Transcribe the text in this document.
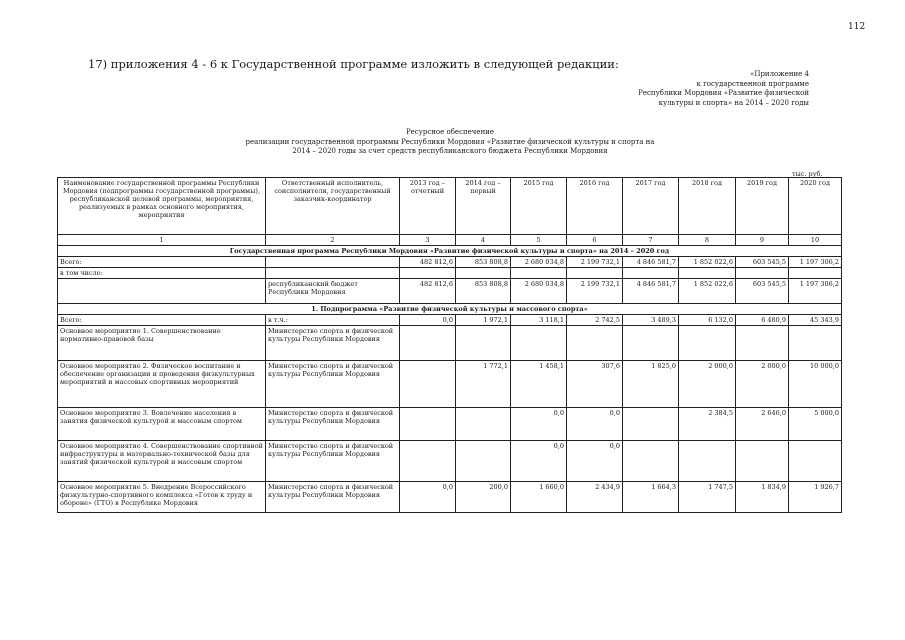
112
17) приложения 4 - 6 к Государственной программе изложить в следующей редакции:
«Приложение 4
к государственной программе
Республики Мордовия «Развитие физической
культуры и спорта» на 2014 – 2020 годы
Ресурсное обеспечение
реализации государственной программы Республики Мордовия «Развитие физической культуры и спорта на
2014 – 2020 годы за счет средств республиканского бюджета Республики Мордовия
тыс. руб.
Наименование государственной программы Республики Мордовия (подпрограммы государственной программы), республиканской целевой программы, мероприятия, реализуемых в рамках основного мероприятия, мероприятия	Ответственный исполнитель, соисполнители, государственный заказчик-координатор	2013 год – отчетный	2014 год – первый	2015 год	2016 год	2017 год	2018 год	2019 год	2020 год
1	2	3	4	5	6	7	8	9	10
Государственная программа Республики Мордовия «Развитие физической культуры и спорта» на 2014 – 2020 год									
Всего:		482 812,6	853 808,8	2 680 034,8	2 199 732,1	4 846 581,7	1 852 022,6	603 545,5	1 197 306,2
в том числе:									
	республиканский бюджет Республики Мордовия	482 812,6	853 808,8	2 680 034,8	2 199 732,1	4 846 581,7	1 852 022,6	603 545,5	1 197 306,2
1. Подпрограмма «Развитие физической культуры и массового спорта»									
Всего:	в т.ч.:	0,0	1 972,1	3 118,1	2 742,5	3 489,3	6 132,0	6 480,9	45 343,9
Основное мероприятие 1. Совершенствование нормативно-правовой базы	Министерство спорта и физической культуры Республики Мордовия								
Основное мероприятие 2. Физическое воспитание и обеспечение организации и проведения физкультурных мероприятий и массовых спортивных мероприятий	Министерство спорта и физической культуры Республики Мордовия		1 772,1	1 458,1	307,6	1 825,0	2 000,0	2 000,0	10 000,0
Основное мероприятие 3. Вовлечение населения в занятия физической культурой и массовым спортом	Министерство спорта и физической культуры Республики Мордовия			0,0	0,0		2 384,5	2 646,0	5 000,0
Основное мероприятие 4. Совершенствование спортивной инфраструктуры и материально-технической базы для занятий физической культурой и массовым спортом	Министерство спорта и физической культуры Республики Мордовия			0,0	0,0				
Основное мероприятие 5. Внедрение Всероссийского физкультурно-спортивного комплекса «Готов к труду и обороне» (ГТО) в Республике Мордовия	Министерство спорта и физической культуры Республики Мордовия	0,0	200,0	1 660,0	2 434,9	1 664,3	1 747,5	1 834,9	1 926,7
